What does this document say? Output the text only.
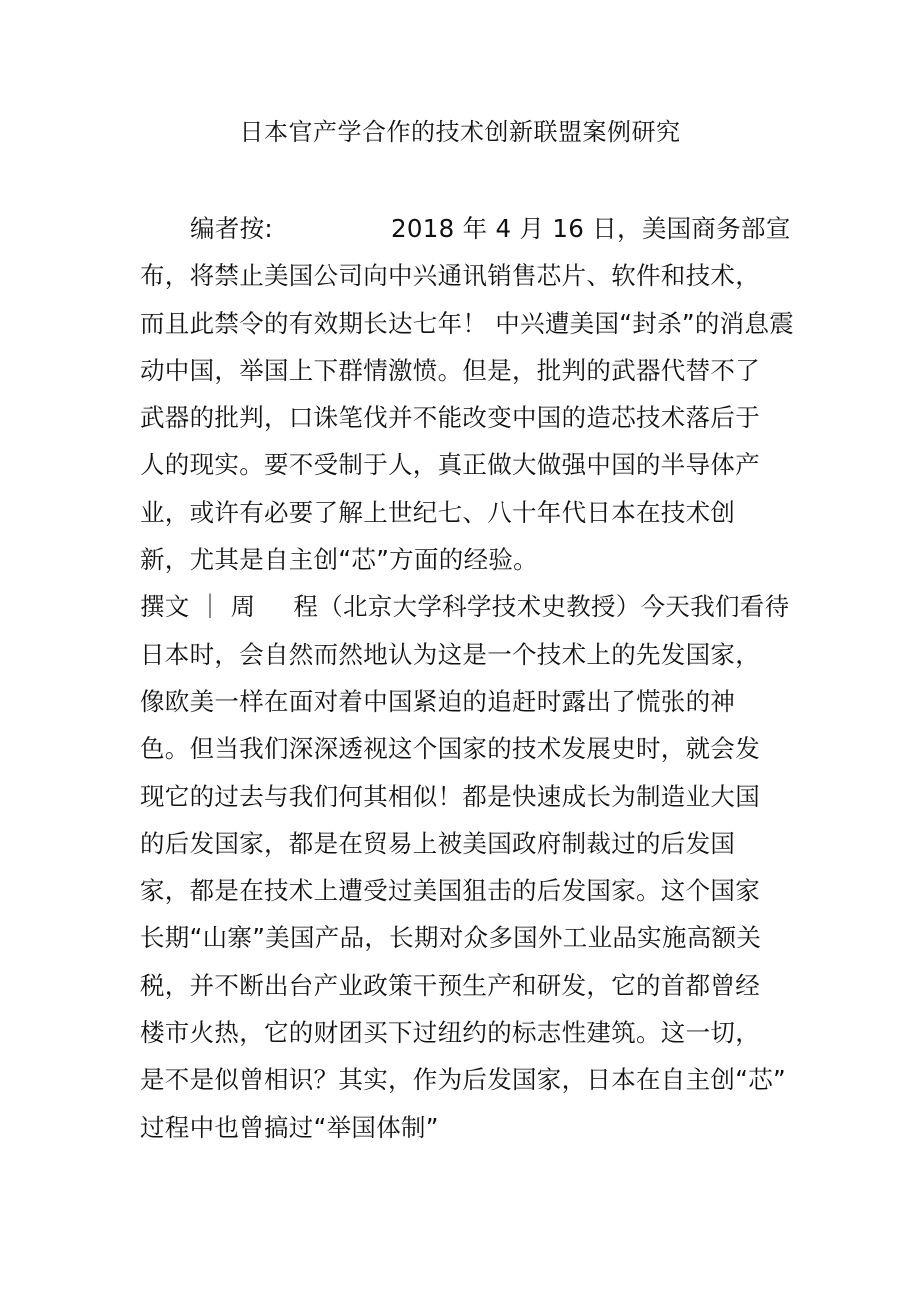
日本官产学合作的技术创新联盟案例研究
编者按:	2018 年 4 月 16 日，美国商务部宣
布，将禁止美国公司向中兴通讯销售芯片、软件和技术，
而且此禁令的有效期长达七年！ 中兴遭美国“封杀”的消息震
动中国，举国上下群情激愤。但是，批判的武器代替不了
武器的批判，口诛笔伐并不能改变中国的造芯技术落后于
人的现实。要不受制于人，真正做大做强中国的半导体产
业，或许有必要了解上世纪七、八十年代日本在技术创
新，尤其是自主创“芯”方面的经验。
撰文 ｜ 周 程（北京大学科学技术史教授）今天我们看待
日本时，会自然而然地认为这是一个技术上的先发国家，
像欧美一样在面对着中国紧迫的追赶时露出了慌张的神
色。但当我们深深透视这个国家的技术发展史时，就会发
现它的过去与我们何其相似！都是快速成长为制造业大国
的后发国家，都是在贸易上被美国政府制裁过的后发国
家，都是在技术上遭受过美国狙击的后发国家。这个国家
长期“山寨”美国产品，长期对众多国外工业品实施高额关
税，并不断出台产业政策干预生产和研发，它的首都曾经
楼市火热，它的财团买下过纽约的标志性建筑。这一切，
是不是似曾相识？其实，作为后发国家，日本在自主创“芯”
过程中也曾搞过“举国体制”
